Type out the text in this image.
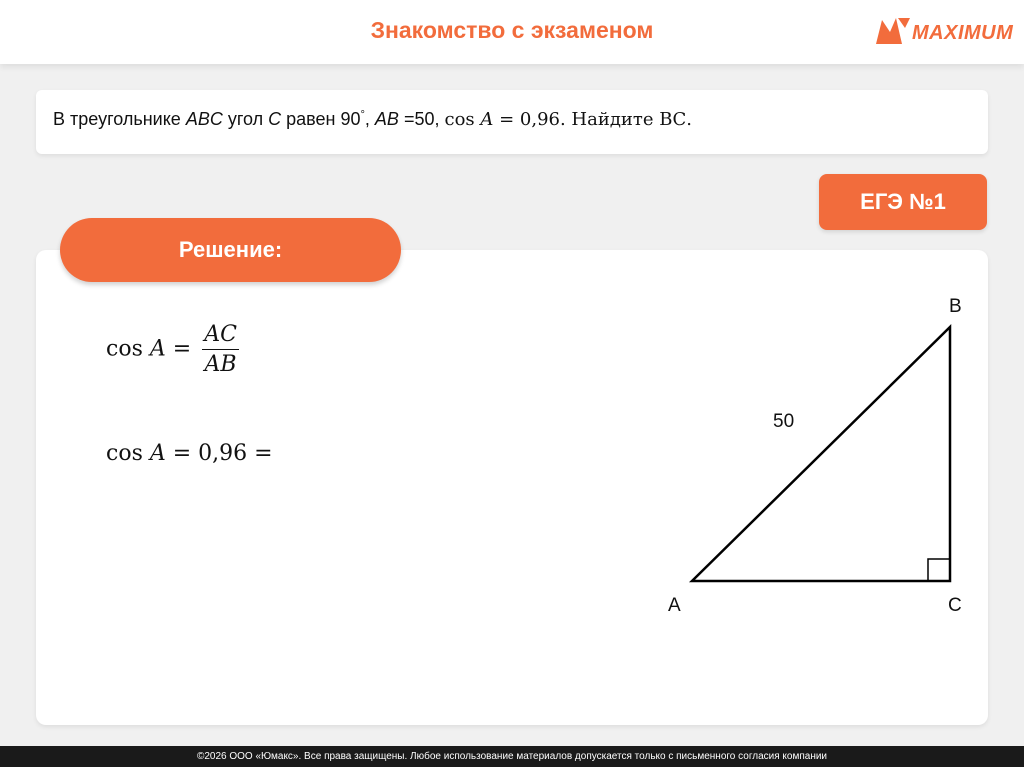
Знакомство с экзаменом	MAXIMUM
В треугольнике ABC угол C равен 90°, AB =50, cos A = 0,96. Найдите ВС.
ЕГЭ №1
Решение:
$\cos A = \frac{AC}{AB}$
cos A = 0,96 =
B
A	C
50
©2026 ООО «Юмакс». Все права защищены. Любое использование материалов допускается только с письменного согласия компании
